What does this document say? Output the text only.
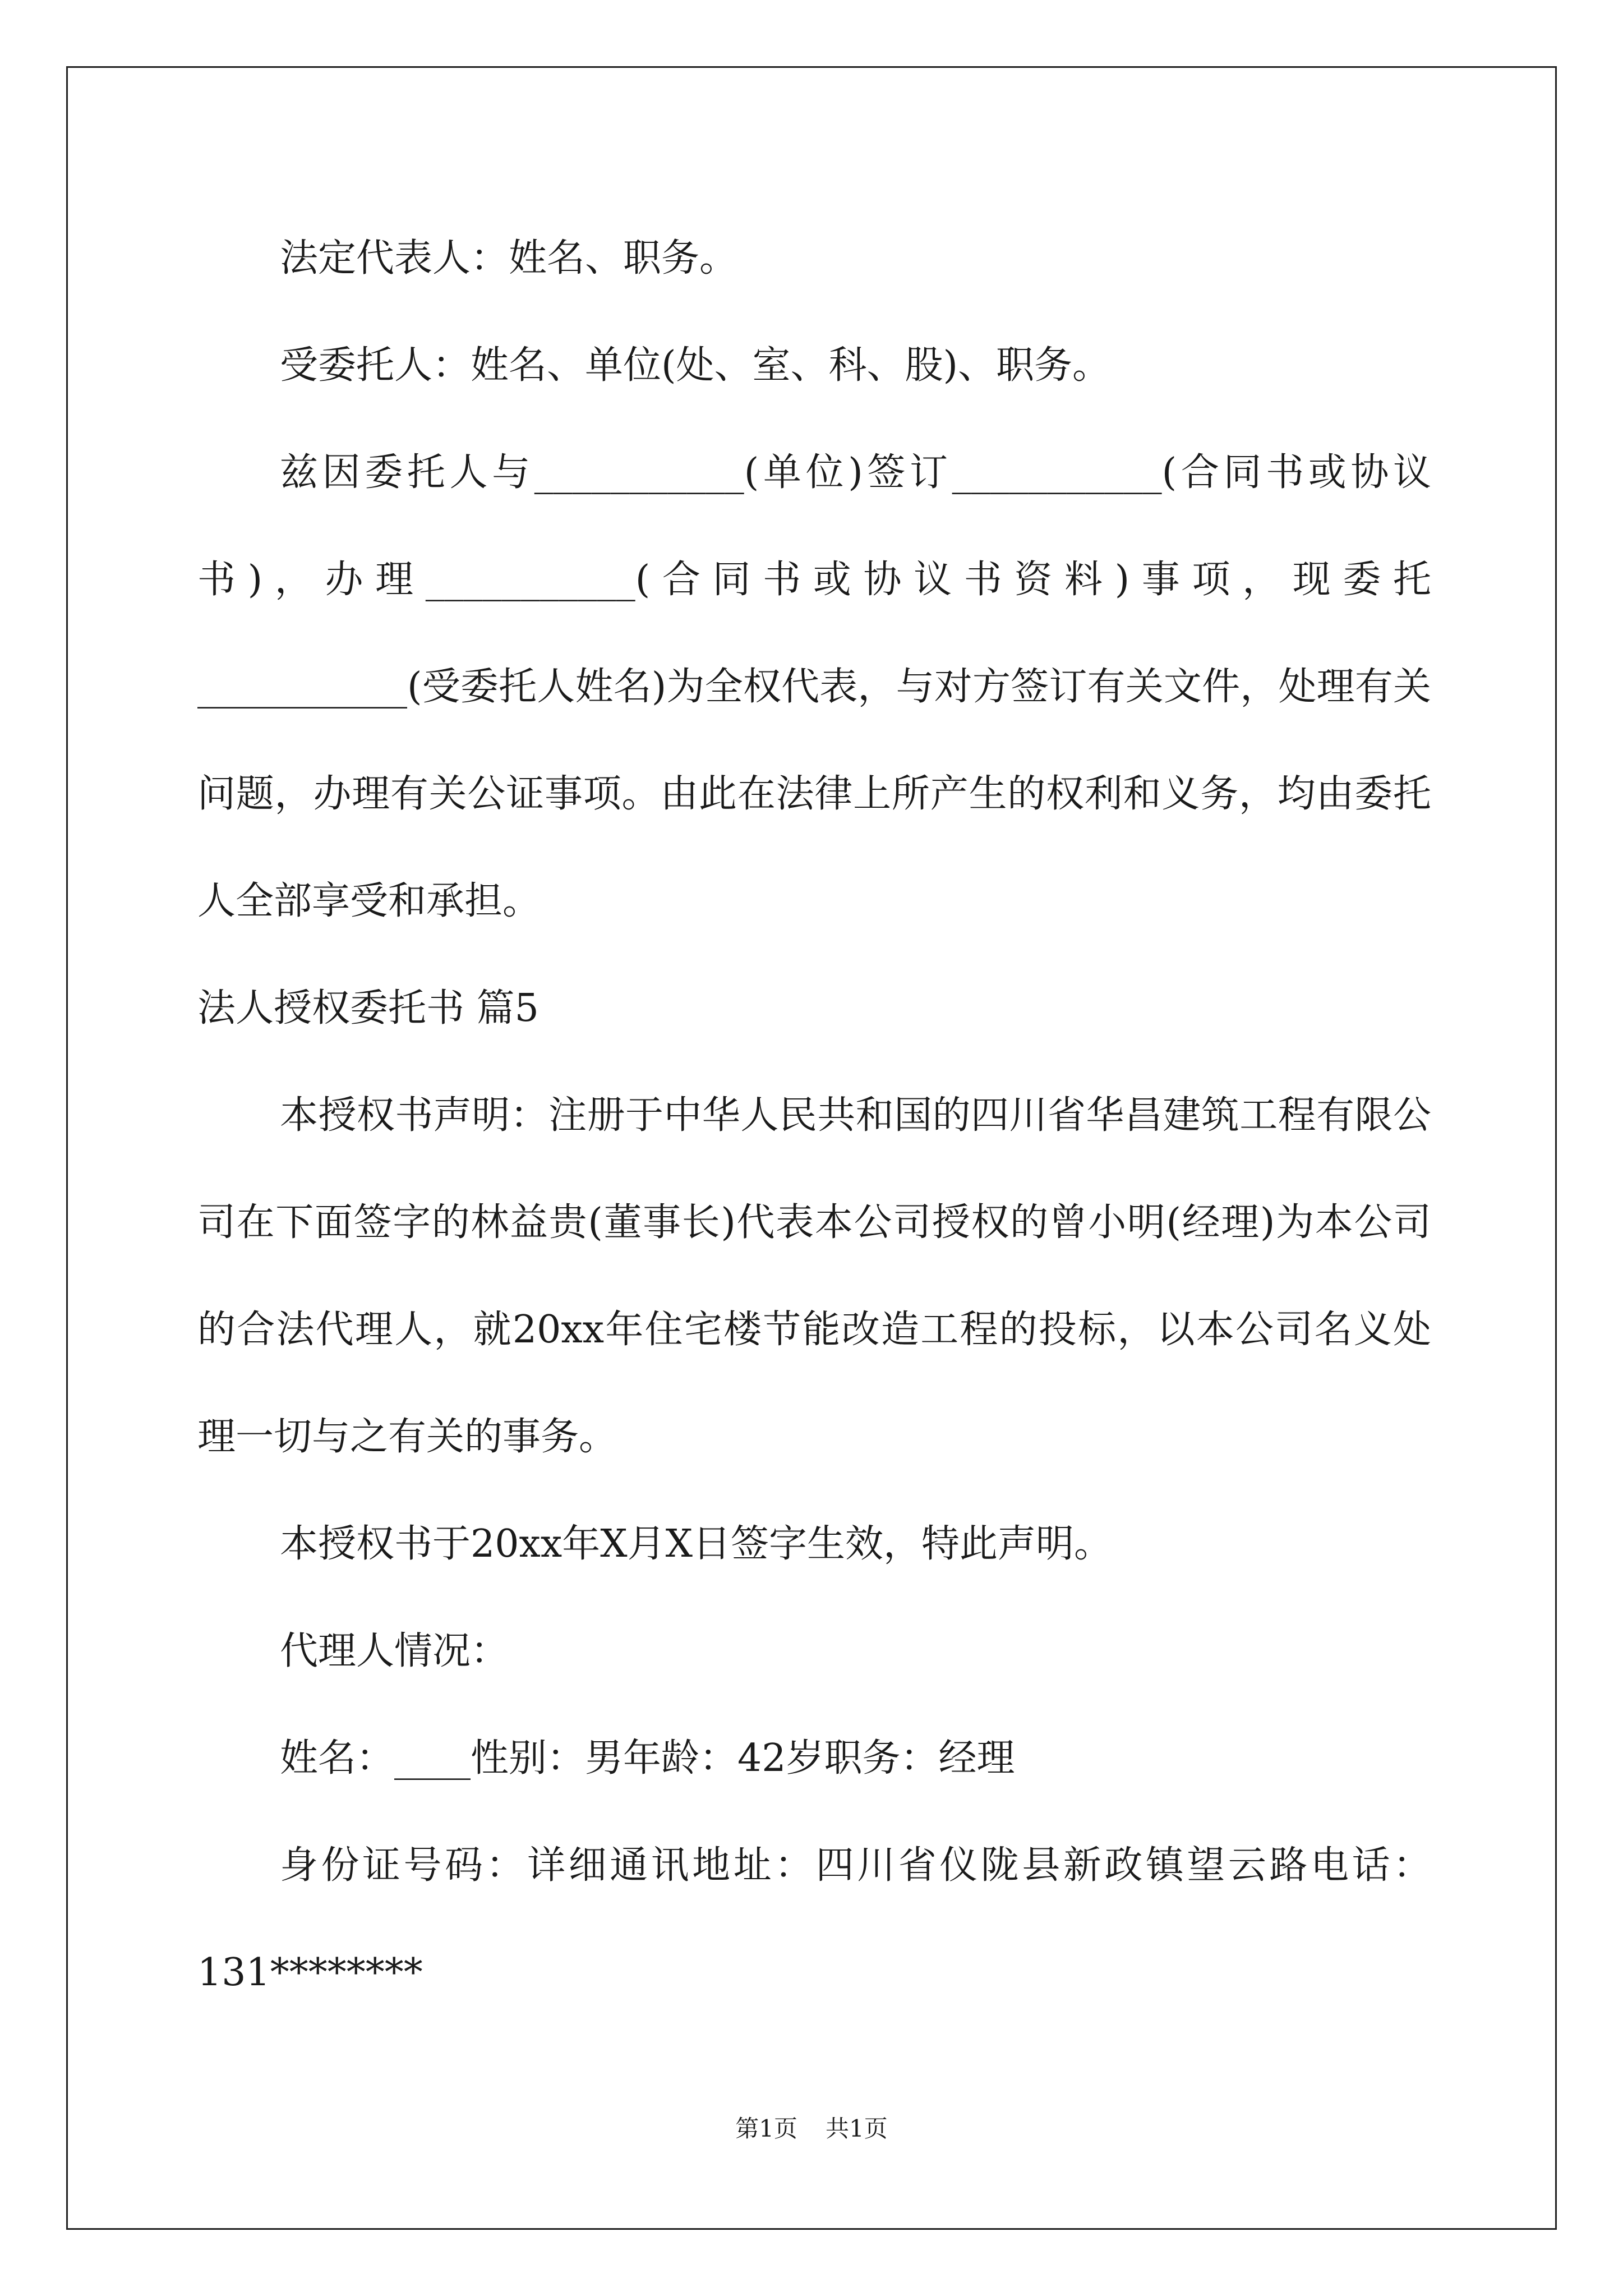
法定代表人：姓名、职务。

受委托人：姓名、单位(处、室、科、股)、职务。

兹因委托人与___________(单位)签订___________(合同书或协议书)，办理___________(合同书或协议书资料)事项，现委托___________(受委托人姓名)为全权代表，与对方签订有关文件，处理有关问题，办理有关公证事项。由此在法律上所产生的权利和义务，均由委托人全部享受和承担。

法人授权委托书 篇5

本授权书声明：注册于中华人民共和国的四川省华昌建筑工程有限公司在下面签字的林益贵(董事长)代表本公司授权的曾小明(经理)为本公司的合法代理人，就20xx年住宅楼节能改造工程的投标，以本公司名义处理一切与之有关的事务。

本授权书于20xx年X月X日签字生效，特此声明。

代理人情况：

姓名：____性别：男年龄：42岁职务：经理

身份证号码：详细通讯地址：四川省仪陇县新政镇望云路电话：131********

第1页 共1页
